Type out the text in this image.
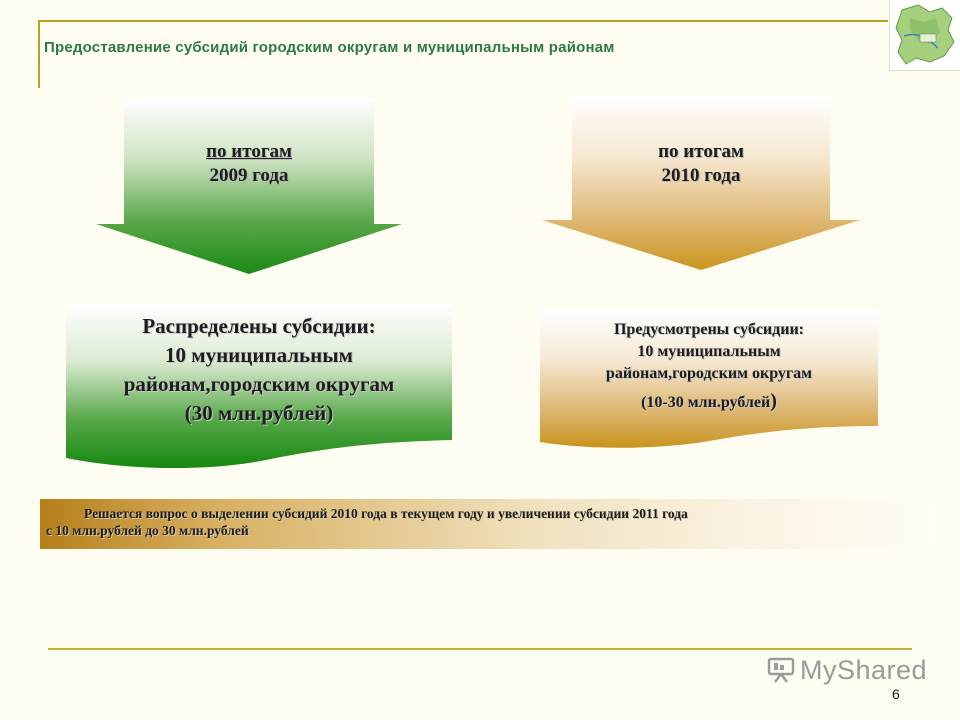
Предоставление субсидий городским округам и муниципальным районам
по итогам
2009 года
по итогам
2010 года
Распределены субсидии:
10 муниципальным
районам,городским округам
(30 млн.рублей)
Предусмотрены субсидии:
10 муниципальным
районам,городским округам
(10-30 млн.рублей)
Решается вопрос о выделении субсидий 2010 года в текущем году и увеличении субсидии 2011 года
с 10 млн.рублей до 30 млн.рублей
MyShared
6
